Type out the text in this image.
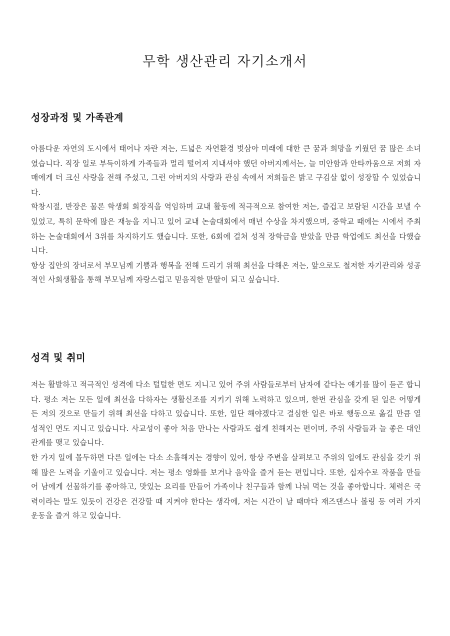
무학 생산관리 자기소개서
성장과정 및 가족관계

아름다운 자연의 도시에서 태어나 자란 저는, 드넓은 자연환경 벗삼아 미래에 대한 큰 꿈과 희망을 키웠던 꿈 많은 소녀였습니다. 직장 일로 부득이하게 가족들과 멀리 떨어져 지내셔야 했던 아버지께서는, 늘 미안함과 안타까움으로 저희 자매에게 더 크신 사랑을 전해 주셨고, 그런 아버지의 사랑과 관심 속에서 저희들은 밝고 구김살 없이 성장할 수 있었습니다.

학창시절, 반장은 물론 학생회 회장직을 역임하며 교내 활동에 적극적으로 참여한 저는, 즐겁고 보람된 시간을 보낼 수 있었고, 특히 문학에 많은 재능을 지니고 있어 교내 논술대회에서 매년 수상을 차지했으며, 중학교 때에는 시에서 주최하는 논술대회에서 3위를 차지하기도 했습니다. 또한, 6회에 걸쳐 성적 장학금을 받았을 만큼 학업에도 최선을 다했습니다.

항상 집안의 장녀로서 부모님께 기쁨과 행복을 전해 드리기 위해 최선을 다해온 저는, 앞으로도 철저한 자기관리와 성공적인 사회생활을 통해 부모님께 자랑스럽고 믿음직한 맏딸이 되고 싶습니다.

성격 및 취미

저는 활발하고 적극적인 성격에 다소 털털한 면도 지니고 있어 주위 사람들로부터 남자에 같다는 얘기를 많이 듣곤 합니다. 평소 저는 모든 일에 최선을 다하자는 생활신조를 지키기 위해 노력하고 있으며, 한번 관심을 갖게 된 일은 어떻게든 저의 것으로 만들기 위해 최선을 다하고 있습니다. 또한, 일단 해야겠다고 결심한 일은 바로 행동으로 옮길 만큼 열성적인 면도 지니고 있습니다. 사교성이 좋아 처음 만나는 사람과도 쉽게 친해지는 편이며, 주위 사람들과 늘 좋은 대인관계를 맺고 있습니다.

한 가지 일에 몰두하면 다른 일에는 다소 소홀해지는 경향이 있어, 항상 주변을 살펴보고 주위의 일에도 관심을 갖기 위해 많은 노력을 기울이고 있습니다. 저는 평소 영화를 보거나 음악을 즐겨 듣는 편입니다. 또한, 십자수로 작품을 만들어 남에게 선물하기를 좋아하고, 맛있는 요리를 만들어 가족이나 친구들과 함께 나눠 먹는 것을 좋아합니다. 체력은 국력이라는 말도 있듯이 건강은 건강할 때 지켜야 한다는 생각에, 저는 시간이 날 때마다 재즈댄스나 볼링 등 여러 가지 운동을 즐겨 하고 있습니다.
